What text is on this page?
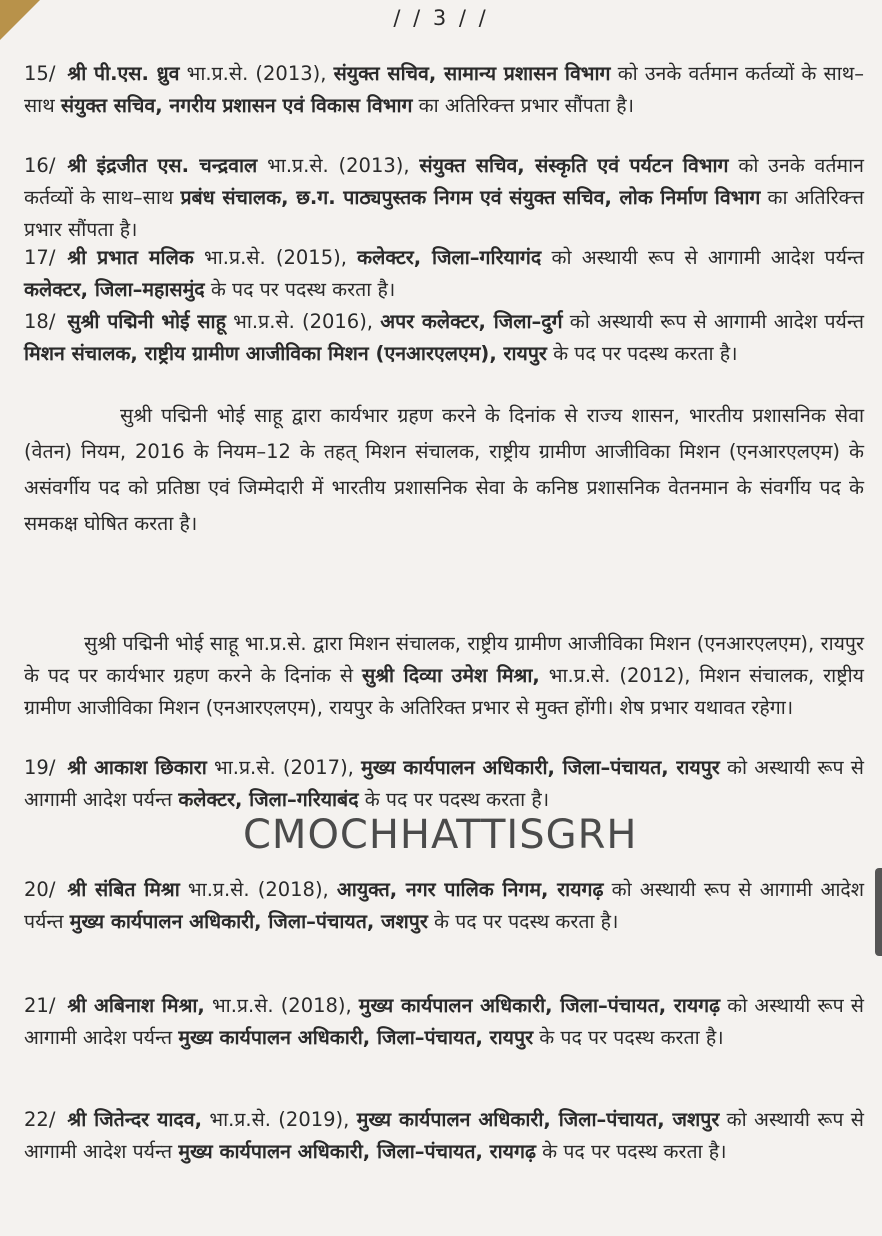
/ / 3 / /

15/ श्री पी.एस. ध्रुव भा.प्र.से. (2013), संयुक्त सचिव, सामान्य प्रशासन विभाग को उनके वर्तमान कर्तव्यों के साथ–साथ संयुक्त सचिव, नगरीय प्रशासन एवं विकास विभाग का अतिरिक्त्त प्रभार सौंपता है।

16/ श्री इंद्रजीत एस. चन्द्रवाल भा.प्र.से. (2013), संयुक्त सचिव, संस्कृति एवं पर्यटन विभाग को उनके वर्तमान कर्तव्यों के साथ–साथ प्रबंध संचालक, छ.ग. पाठ्यपुस्तक निगम एवं संयुक्त सचिव, लोक निर्माण विभाग का अतिरिक्त्त प्रभार सौंपता है।

17/ श्री प्रभात मलिक भा.प्र.से. (2015), कलेक्टर, जिला–गरियागंद को अस्थायी रूप से आगामी आदेश पर्यन्त कलेक्टर, जिला–महासमुंद के पद पर पदस्थ करता है।

18/ सुश्री पद्मिनी भोई साहू भा.प्र.से. (2016), अपर कलेक्टर, जिला–दुर्ग को अस्थायी रूप से आगामी आदेश पर्यन्त मिशन संचालक, राष्ट्रीय ग्रामीण आजीविका मिशन (एनआरएलएम), रायपुर के पद पर पदस्थ करता है।

सुश्री पद्मिनी भोई साहू द्वारा कार्यभार ग्रहण करने के दिनांक से राज्य शासन, भारतीय प्रशासनिक सेवा (वेतन) नियम, 2016 के नियम–12 के तहत् मिशन संचालक, राष्ट्रीय ग्रामीण आजीविका मिशन (एनआरएलएम) के असंवर्गीय पद को प्रतिष्ठा एवं जिम्मेदारी में भारतीय प्रशासनिक सेवा के कनिष्ठ प्रशासनिक वेतनमान के संवर्गीय पद के समकक्ष घोषित करता है।

सुश्री पद्मिनी भोई साहू भा.प्र.से. द्वारा मिशन संचालक, राष्ट्रीय ग्रामीण आजीविका मिशन (एनआरएलएम), रायपुर के पद पर कार्यभार ग्रहण करने के दिनांक से सुश्री दिव्या उमेश मिश्रा, भा.प्र.से. (2012), मिशन संचालक, राष्ट्रीय ग्रामीण आजीविका मिशन (एनआरएलएम), रायपुर के अतिरिक्त प्रभार से मुक्त होंगी। शेष प्रभार यथावत रहेगा।

19/ श्री आकाश छिकारा भा.प्र.से. (2017), मुख्य कार्यपालन अधिकारी, जिला–पंचायत, रायपुर को अस्थायी रूप से आगामी आदेश पर्यन्त कलेक्टर, जिला–गरियाबंद के पद पर पदस्थ करता है।

CMOCHHATTISGRH

20/ श्री संबित मिश्रा भा.प्र.से. (2018), आयुक्त, नगर पालिक निगम, रायगढ़ को अस्थायी रूप से आगामी आदेश पर्यन्त मुख्य कार्यपालन अधिकारी, जिला–पंचायत, जशपुर के पद पर पदस्थ करता है।

21/ श्री अबिनाश मिश्रा, भा.प्र.से. (2018), मुख्य कार्यपालन अधिकारी, जिला–पंचायत, रायगढ़ को अस्थायी रूप से आगामी आदेश पर्यन्त मुख्य कार्यपालन अधिकारी, जिला–पंचायत, रायपुर के पद पर पदस्थ करता है।

22/ श्री जितेन्दर यादव, भा.प्र.से. (2019), मुख्य कार्यपालन अधिकारी, जिला–पंचायत, जशपुर को अस्थायी रूप से आगामी आदेश पर्यन्त मुख्य कार्यपालन अधिकारी, जिला–पंचायत, रायगढ़ के पद पर पदस्थ करता है।
